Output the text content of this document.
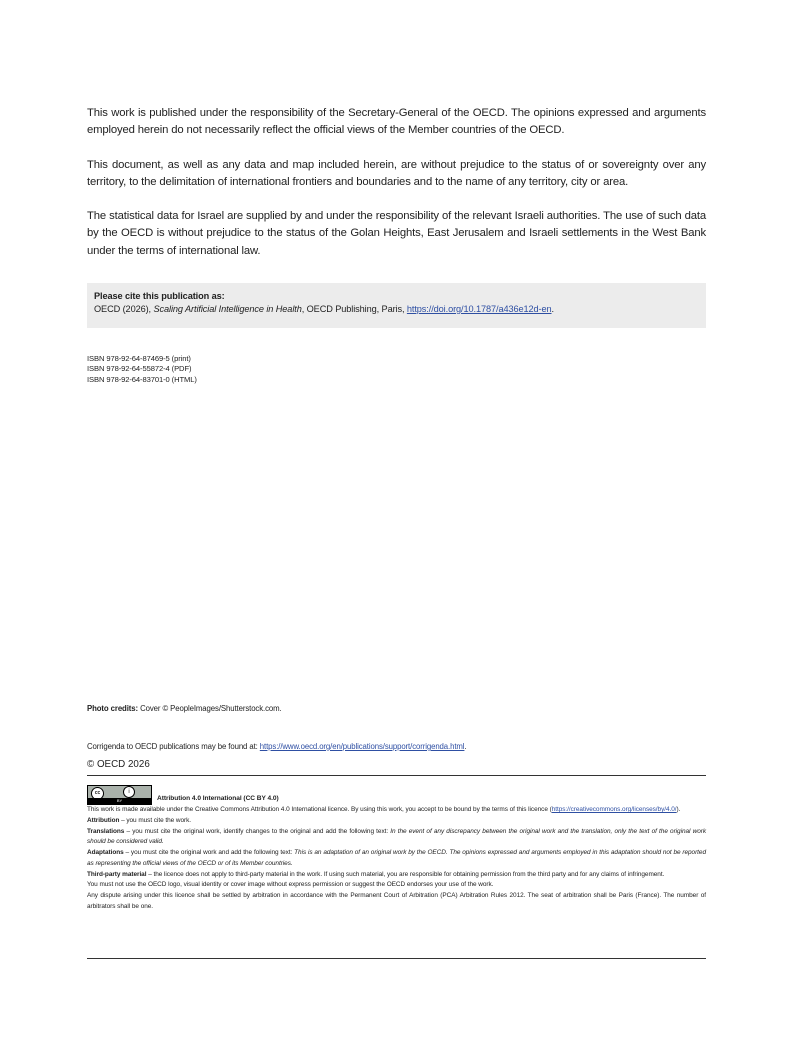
This work is published under the responsibility of the Secretary-General of the OECD. The opinions expressed and arguments employed herein do not necessarily reflect the official views of the Member countries of the OECD.

This document, as well as any data and map included herein, are without prejudice to the status of or sovereignty over any territory, to the delimitation of international frontiers and boundaries and to the name of any territory, city or area.

The statistical data for Israel are supplied by and under the responsibility of the relevant Israeli authorities. The use of such data by the OECD is without prejudice to the status of the Golan Heights, East Jerusalem and Israeli settlements in the West Bank under the terms of international law.

Please cite this publication as:
OECD (2026), Scaling Artificial Intelligence in Health, OECD Publishing, Paris, https://doi.org/10.1787/a436e12d-en.
ISBN 978-92-64-87469-5 (print)
ISBN 978-92-64-55872-4 (PDF)
ISBN 978-92-64-83701-0 (HTML)
Photo credits: Cover © PeopleImages/Shutterstock.com.
Corrigenda to OECD publications may be found at: https://www.oecd.org/en/publications/support/corrigenda.html.
© OECD 2026
cc	i
BY	Attribution 4.0 International (CC BY 4.0)

This work is made available under the Creative Commons Attribution 4.0 International licence. By using this work, you accept to be bound by the terms of this licence (https://creativecommons.org/licenses/by/4.0/).

Attribution – you must cite the work.

Translations – you must cite the original work, identify changes to the original and add the following text: In the event of any discrepancy between the original work and the translation, only the text of the original work should be considered valid.

Adaptations – you must cite the original work and add the following text: This is an adaptation of an original work by the OECD. The opinions expressed and arguments employed in this adaptation should not be reported as representing the official views of the OECD or of its Member countries.

Third-party material – the licence does not apply to third-party material in the work. If using such material, you are responsible for obtaining permission from the third party and for any claims of infringement.

You must not use the OECD logo, visual identity or cover image without express permission or suggest the OECD endorses your use of the work.

Any dispute arising under this licence shall be settled by arbitration in accordance with the Permanent Court of Arbitration (PCA) Arbitration Rules 2012. The seat of arbitration shall be Paris (France). The number of arbitrators shall be one.
